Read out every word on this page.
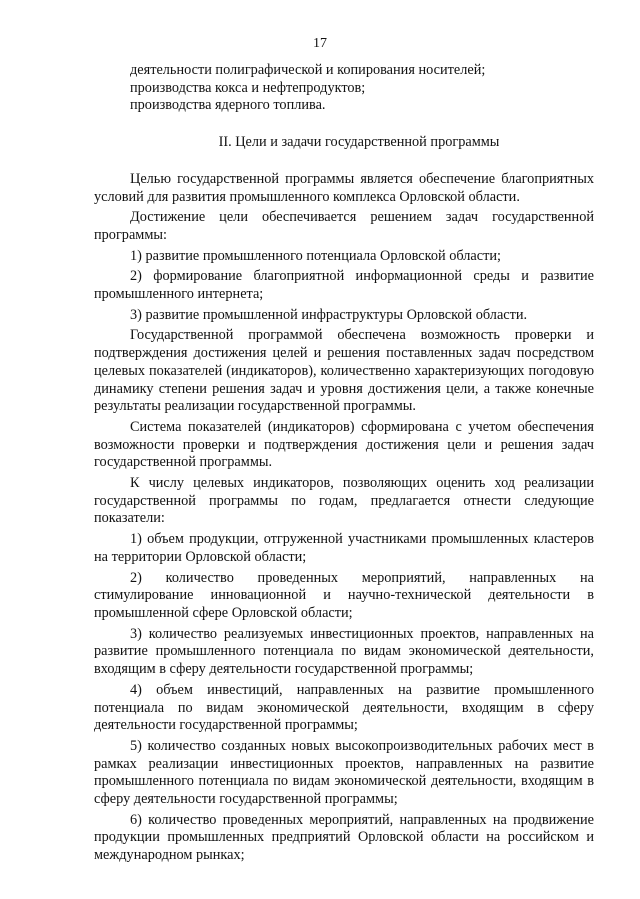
17

деятельности полиграфической и копирования носителей;

производства кокса и нефтепродуктов;

производства ядерного топлива.

II. Цели и задачи государственной программы

Целью государственной программы является обеспечение благоприятных условий для развития промышленного комплекса Орловской области.

Достижение цели обеспечивается решением задач государственной программы:

1) развитие промышленного потенциала Орловской области;

2) формирование благоприятной информационной среды и развитие промышленного интернета;

3) развитие промышленной инфраструктуры Орловской области.

Государственной программой обеспечена возможность проверки и подтверждения достижения целей и решения поставленных задач посредством целевых показателей (индикаторов), количественно характеризующих погодовую динамику степени решения задач и уровня достижения цели, а также конечные результаты реализации государственной программы.

Система показателей (индикаторов) сформирована с учетом обеспечения возможности проверки и подтверждения достижения цели и решения задач государственной программы.

К числу целевых индикаторов, позволяющих оценить ход реализации государственной программы по годам, предлагается отнести следующие показатели:

1) объем продукции, отгруженной участниками промышленных кластеров на территории Орловской области;

2) количество проведенных мероприятий, направленных на стимулирование инновационной и научно-технической деятельности в промышленной сфере Орловской области;

3) количество реализуемых инвестиционных проектов, направленных на развитие промышленного потенциала по видам экономической деятельности, входящим в сферу деятельности государственной программы;

4) объем инвестиций, направленных на развитие промышленного потенциала по видам экономической деятельности, входящим в сферу деятельности государственной программы;

5) количество созданных новых высокопроизводительных рабочих мест в рамках реализации инвестиционных проектов, направленных на развитие промышленного потенциала по видам экономической деятельности, входящим в сферу деятельности государственной программы;

6) количество проведенных мероприятий, направленных на продвижение продукции промышленных предприятий Орловской области на российском и международном рынках;
